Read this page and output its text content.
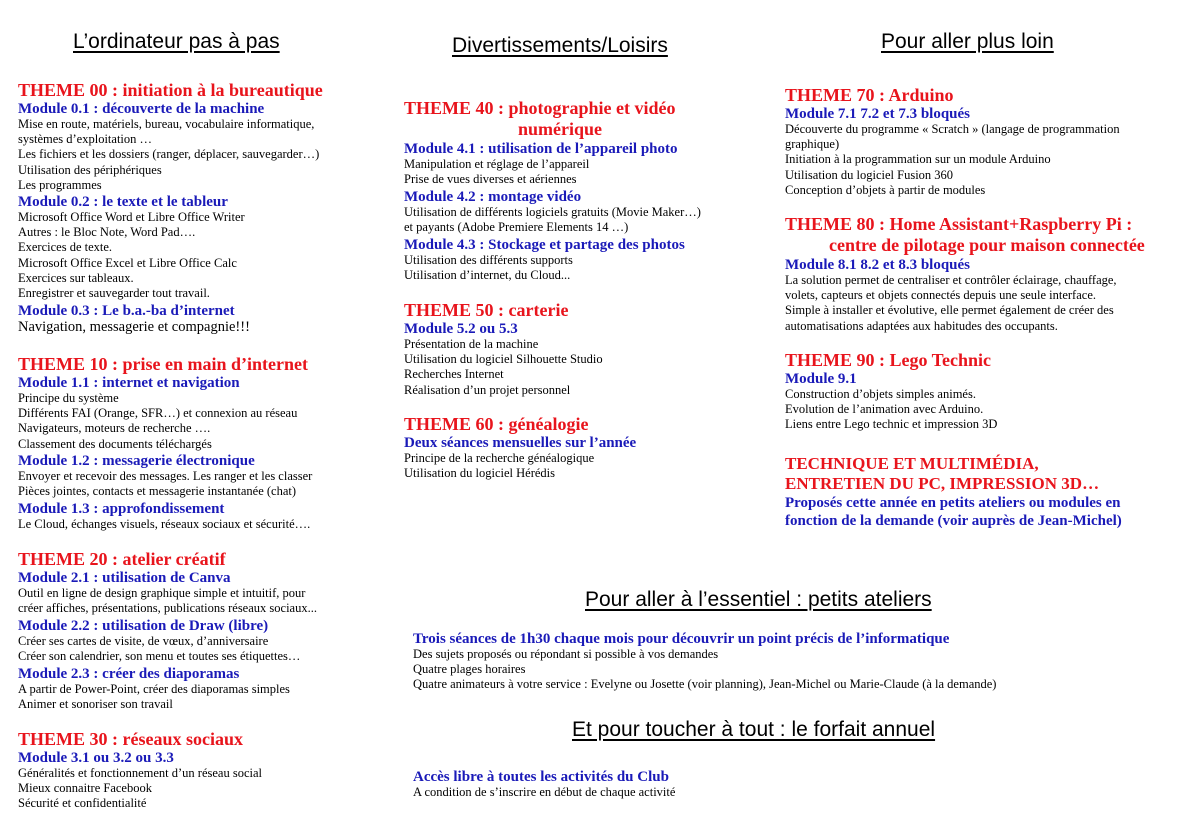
L’ordinateur pas à pas
THEME 00 : initiation à la bureautique
Module 0.1 : découverte de la machine
Mise en route, matériels, bureau, vocabulaire informatique,
systèmes d’exploitation …
Les fichiers et les dossiers (ranger, déplacer, sauvegarder…)
Utilisation des périphériques
Les programmes
Module 0.2 : le texte et le tableur
Microsoft Office Word et Libre Office Writer
Autres : le Bloc Note, Word Pad….
Exercices de texte.
Microsoft Office Excel et Libre Office Calc
Exercices sur tableaux.
Enregistrer et sauvegarder tout travail.
Module 0.3 : Le b.a.-ba d’internet
Navigation, messagerie et compagnie!!!
THEME 10 : prise en main d’internet
Module 1.1 : internet et navigation
Principe du système
Différents FAI (Orange, SFR…) et connexion au réseau
Navigateurs, moteurs de recherche ….
Classement des documents téléchargés
Module 1.2 : messagerie électronique
Envoyer et recevoir des messages. Les ranger et les classer
Pièces jointes, contacts et messagerie instantanée (chat)
Module 1.3 : approfondissement
Le Cloud, échanges visuels, réseaux sociaux et sécurité….
THEME 20 : atelier créatif
Module 2.1 : utilisation de Canva
Outil en ligne de design graphique simple et intuitif, pour
créer affiches, présentations, publications réseaux sociaux...
Module 2.2 : utilisation de Draw (libre)
Créer ses cartes de visite, de vœux, d’anniversaire
Créer son calendrier, son menu et toutes ses étiquettes…
Module 2.3 : créer des diaporamas
A partir de Power-Point, créer des diaporamas simples
Animer et sonoriser son travail
THEME 30 : réseaux sociaux
Module 3.1 ou 3.2 ou 3.3
Généralités et fonctionnement d’un réseau social
Mieux connaitre Facebook
Sécurité et confidentialité
Divertissements/Loisirs
THEME 40 : photographie et vidéo
numérique
Module 4.1 : utilisation de l’appareil photo
Manipulation et réglage de l’appareil
Prise de vues diverses et aériennes
Module 4.2 : montage vidéo
Utilisation de différents logiciels gratuits (Movie Maker…)
et payants (Adobe Premiere Elements 14 …)
Module 4.3 : Stockage et partage des photos
Utilisation des différents supports
Utilisation d’internet, du Cloud...
THEME 50 : carterie
Module 5.2 ou 5.3
Présentation de la machine
Utilisation du logiciel Silhouette Studio
Recherches Internet
Réalisation d’un projet personnel
THEME 60 : généalogie
Deux séances mensuelles sur l’année
Principe de la recherche généalogique
Utilisation du logiciel Hérédis
Pour aller plus loin
THEME 70 : Arduino
Module 7.1 7.2 et 7.3 bloqués
Découverte du programme « Scratch » (langage de programmation
graphique)
Initiation à la programmation sur un module Arduino
Utilisation du logiciel Fusion 360
Conception d’objets à partir de modules
THEME 80 : Home Assistant+Raspberry Pi :
centre de pilotage pour maison connectée
Module 8.1 8.2 et 8.3 bloqués
La solution permet de centraliser et contrôler éclairage, chauffage,
volets, capteurs et objets connectés depuis une seule interface.
Simple à installer et évolutive, elle permet également de créer des
automatisations adaptées aux habitudes des occupants.
THEME 90 : Lego Technic
Module 9.1
Construction d’objets simples animés.
Evolution de l’animation avec Arduino.
Liens entre Lego technic et impression 3D
TECHNIQUE ET MULTIMÉDIA,
ENTRETIEN DU PC, IMPRESSION 3D…
Proposés cette année en petits ateliers ou modules en
fonction de la demande (voir auprès de Jean-Michel)
Pour aller à l’essentiel : petits ateliers
Trois séances de 1h30 chaque mois pour découvrir un point précis de l’informatique
Des sujets proposés ou répondant si possible à vos demandes
Quatre plages horaires
Quatre animateurs à votre service : Evelyne ou Josette (voir planning), Jean-Michel ou Marie-Claude (à la demande)
Et pour toucher à tout : le forfait annuel
Accès libre à toutes les activités du Club
A condition de s’inscrire en début de chaque activité
